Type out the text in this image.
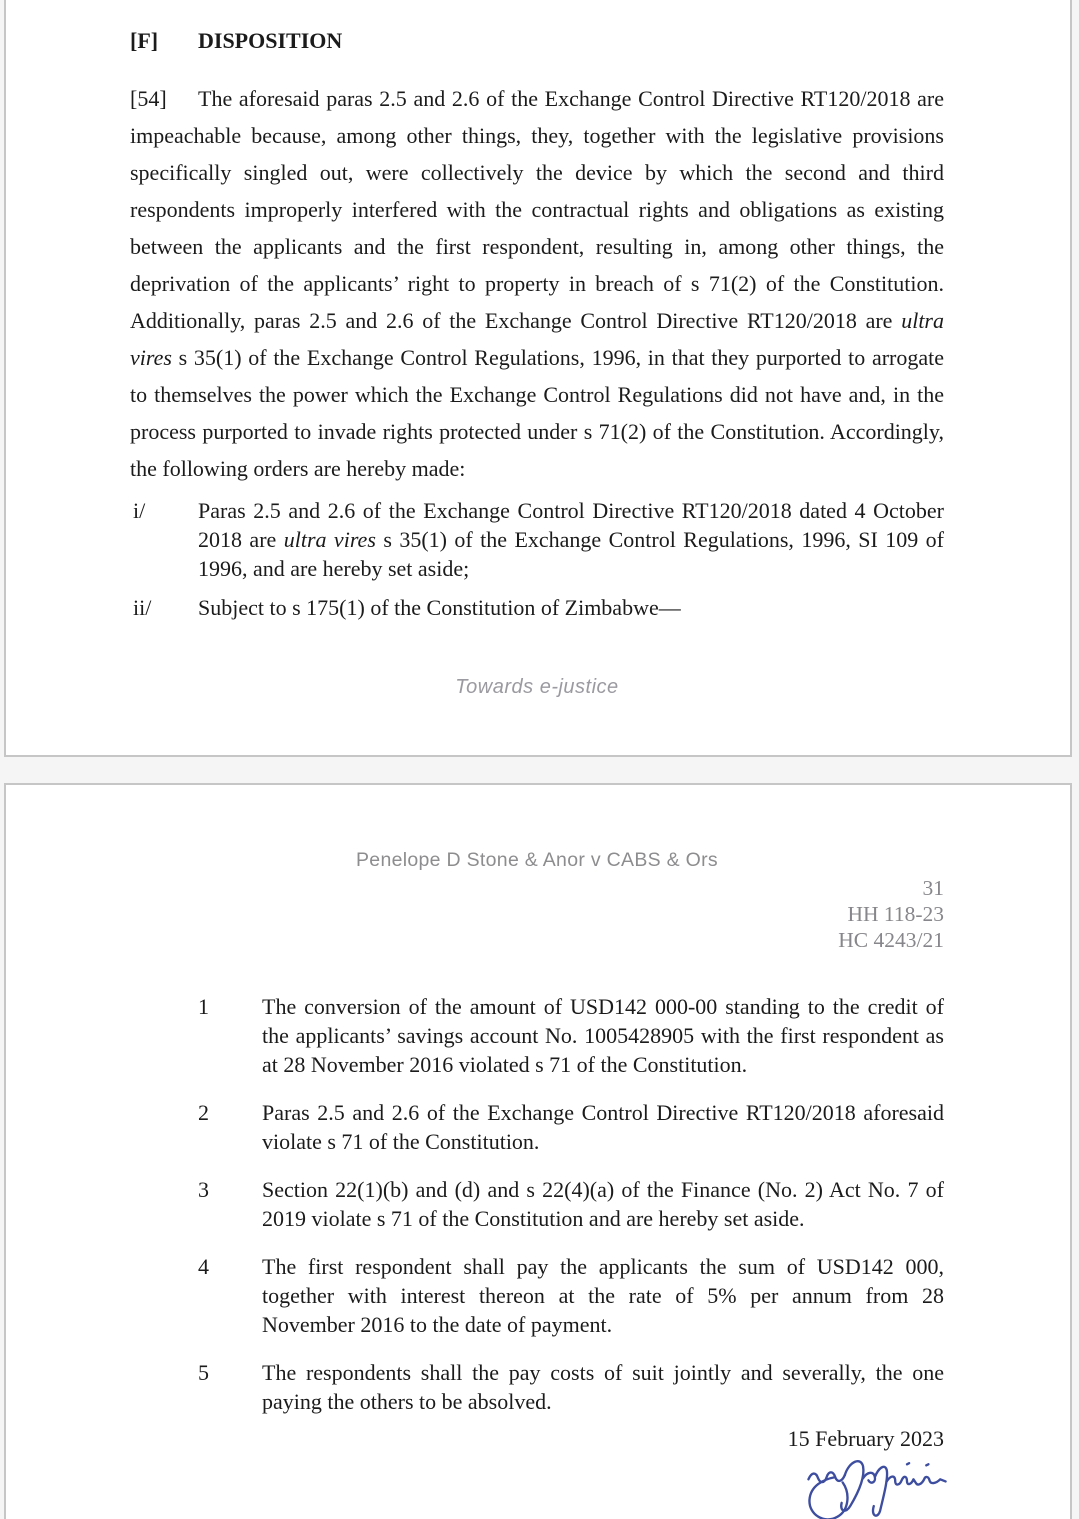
[F] DISPOSITION
[54] The aforesaid paras 2.5 and 2.6 of the Exchange Control Directive RT120/2018 are impeachable because, among other things, they, together with the legislative provisions specifically singled out, were collectively the device by which the second and third respondents improperly interfered with the contractual rights and obligations as existing between the applicants and the first respondent, resulting in, among other things, the deprivation of the applicants’ right to property in breach of s 71(2) of the Constitution. Additionally, paras 2.5 and 2.6 of the Exchange Control Directive RT120/2018 are ultra vires s 35(1) of the Exchange Control Regulations, 1996, in that they purported to arrogate to themselves the power which the Exchange Control Regulations did not have and, in the process purported to invade rights protected under s 71(2) of the Constitution. Accordingly, the following orders are hereby made:
i/	Paras 2.5 and 2.6 of the Exchange Control Directive RT120/2018 dated 4 October 2018 are ultra vires s 35(1) of the Exchange Control Regulations, 1996, SI 109 of 1996, and are hereby set aside;
ii/	Subject to s 175(1) of the Constitution of Zimbabwe—
Towards e-justice
Penelope D Stone & Anor v CABS & Ors
31
HH 118-23
HC 4243/21
1	The conversion of the amount of USD142 000-00 standing to the credit of the applicants’ savings account No. 1005428905 with the first respondent as at 28 November 2016 violated s 71 of the Constitution.
2	Paras 2.5 and 2.6 of the Exchange Control Directive RT120/2018 aforesaid violate s 71 of the Constitution.
3	Section 22(1)(b) and (d) and s 22(4)(a) of the Finance (No. 2) Act No. 7 of 2019 violate s 71 of the Constitution and are hereby set aside.
4	The first respondent shall pay the applicants the sum of USD142 000, together with interest thereon at the rate of 5% per annum from 28 November 2016 to the date of payment.
5	The respondents shall the pay costs of suit jointly and severally, the one paying the others to be absolved.
15 February 2023
